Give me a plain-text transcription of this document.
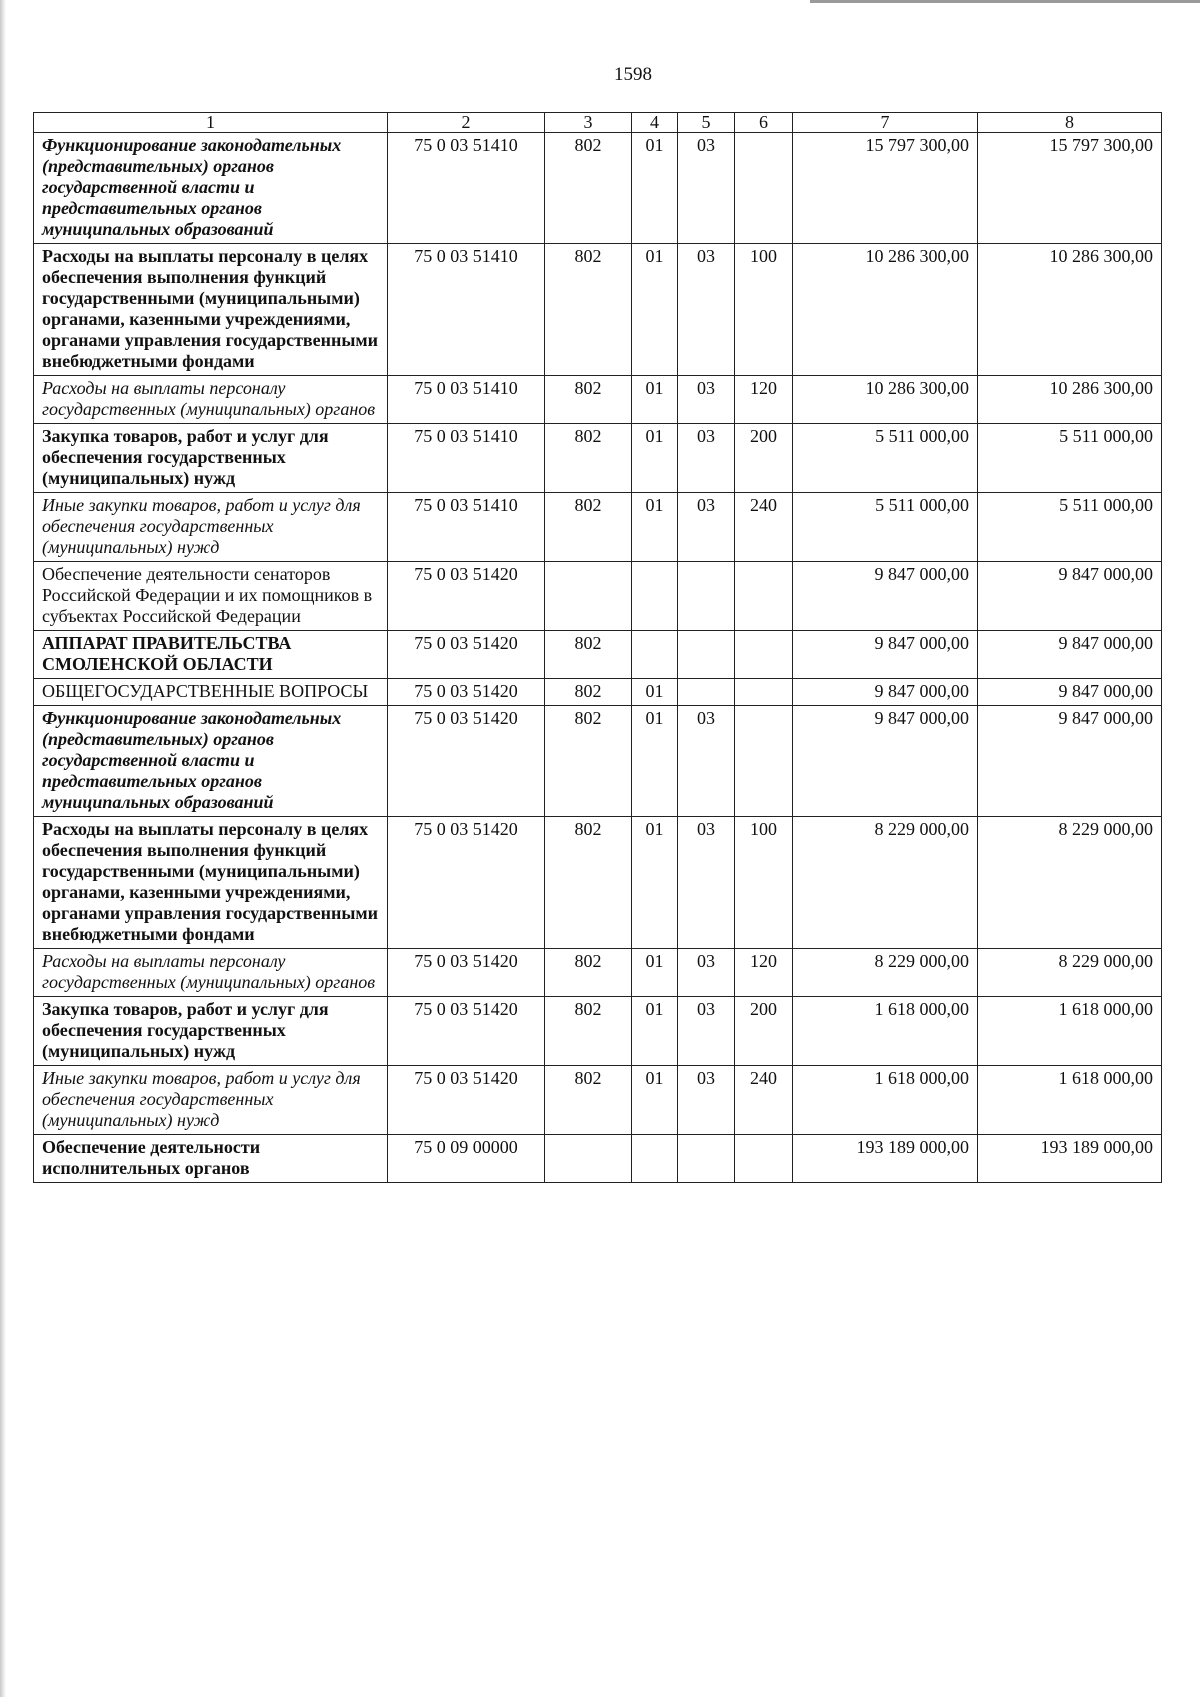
1598
1	2	3	4	5	6	7	8
Функционирование законодательных (представительных) органов государственной власти и представительных органов муниципальных образований	75 0 03 51410	802	01	03		15 797 300,00	15 797 300,00
Расходы на выплаты персоналу в целях обеспечения выполнения функций государственными (муниципальными) органами, казенными учреждениями, органами управления государственными внебюджетными фондами	75 0 03 51410	802	01	03	100	10 286 300,00	10 286 300,00
Расходы на выплаты персоналу государственных (муниципальных) органов	75 0 03 51410	802	01	03	120	10 286 300,00	10 286 300,00
Закупка товаров, работ и услуг для обеспечения государственных (муниципальных) нужд	75 0 03 51410	802	01	03	200	5 511 000,00	5 511 000,00
Иные закупки товаров, работ и услуг для обеспечения государственных (муниципальных) нужд	75 0 03 51410	802	01	03	240	5 511 000,00	5 511 000,00
Обеспечение деятельности сенаторов Российской Федерации и их помощников в субъектах Российской Федерации	75 0 03 51420					9 847 000,00	9 847 000,00
АППАРАТ ПРАВИТЕЛЬСТВА СМОЛЕНСКОЙ ОБЛАСТИ	75 0 03 51420	802				9 847 000,00	9 847 000,00
ОБЩЕГОСУДАРСТВЕННЫЕ ВОПРОСЫ	75 0 03 51420	802	01			9 847 000,00	9 847 000,00
Функционирование законодательных (представительных) органов государственной власти и представительных органов муниципальных образований	75 0 03 51420	802	01	03		9 847 000,00	9 847 000,00
Расходы на выплаты персоналу в целях обеспечения выполнения функций государственными (муниципальными) органами, казенными учреждениями, органами управления государственными внебюджетными фондами	75 0 03 51420	802	01	03	100	8 229 000,00	8 229 000,00
Расходы на выплаты персоналу государственных (муниципальных) органов	75 0 03 51420	802	01	03	120	8 229 000,00	8 229 000,00
Закупка товаров, работ и услуг для обеспечения государственных (муниципальных) нужд	75 0 03 51420	802	01	03	200	1 618 000,00	1 618 000,00
Иные закупки товаров, работ и услуг для обеспечения государственных (муниципальных) нужд	75 0 03 51420	802	01	03	240	1 618 000,00	1 618 000,00
Обеспечение деятельности исполнительных органов	75 0 09 00000					193 189 000,00	193 189 000,00
